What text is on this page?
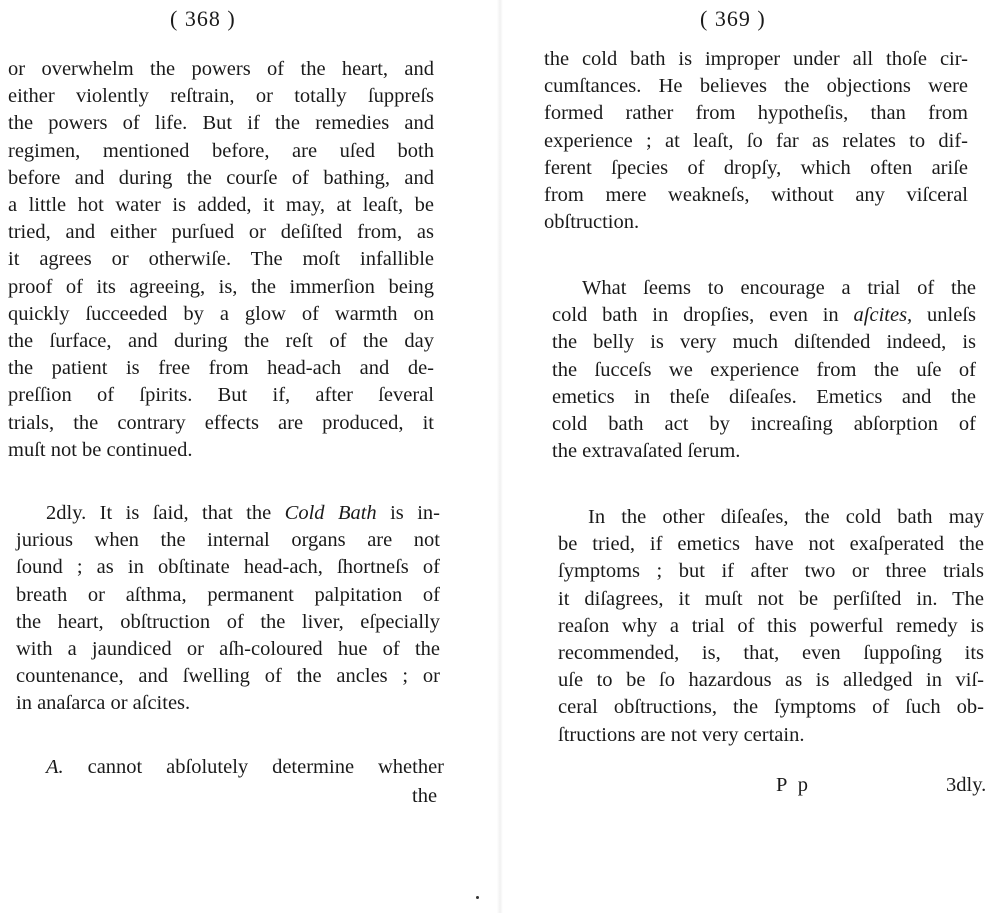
( 368 )
or overwhelm the powers of the heart, and
either violently reſtrain, or totally ſuppreſs
the powers of life. But if the remedies and
regimen, mentioned before, are uſed both
before and during the courſe of bathing, and
a little hot water is added, it may, at leaſt, be
tried, and either purſued or deſiſted from, as
it agrees or otherwiſe. The moſt infallible
proof of its agreeing, is, the immerſion being
quickly ſucceeded by a glow of warmth on
the ſurface, and during the reſt of the day
the patient is free from head-ach and de-
preſſion of ſpirits. But if, after ſeveral
trials, the contrary effects are produced, it
muſt not be continued.
2dly. It is ſaid, that the Cold Bath is in-
jurious when the internal organs are not
ſound ; as in obſtinate head-ach, ſhortneſs of
breath or aſthma, permanent palpitation of
the heart, obſtruction of the liver, eſpecially
with a jaundiced or aſh-coloured hue of the
countenance, and ſwelling of the ancles ; or
in anaſarca or aſcites.
A. cannot abſolutely determine whether
the
( 369 )
the cold bath is improper under all thoſe cir-
cumſtances. He believes the objections were
formed rather from hypotheſis, than from
experience ; at leaſt, ſo far as relates to dif-
ferent ſpecies of dropſy, which often ariſe
from mere weakneſs, without any viſceral
obſtruction.
What ſeems to encourage a trial of the
cold bath in dropſies, even in aſcites, unleſs
the belly is very much diſtended indeed, is
the ſucceſs we experience from the uſe of
emetics in theſe diſeaſes. Emetics and the
cold bath act by increaſing abſorption of
the extravaſated ſerum.
In the other diſeaſes, the cold bath may
be tried, if emetics have not exaſperated the
ſymptoms ; but if after two or three trials
it diſagrees, it muſt not be perſiſted in. The
reaſon why a trial of this powerful remedy is
recommended, is, that, even ſuppoſing its
uſe to be ſo hazardous as is alledged in viſ-
ceral obſtructions, the ſymptoms of ſuch ob-
ſtructions are not very certain.
P p	3dly.
